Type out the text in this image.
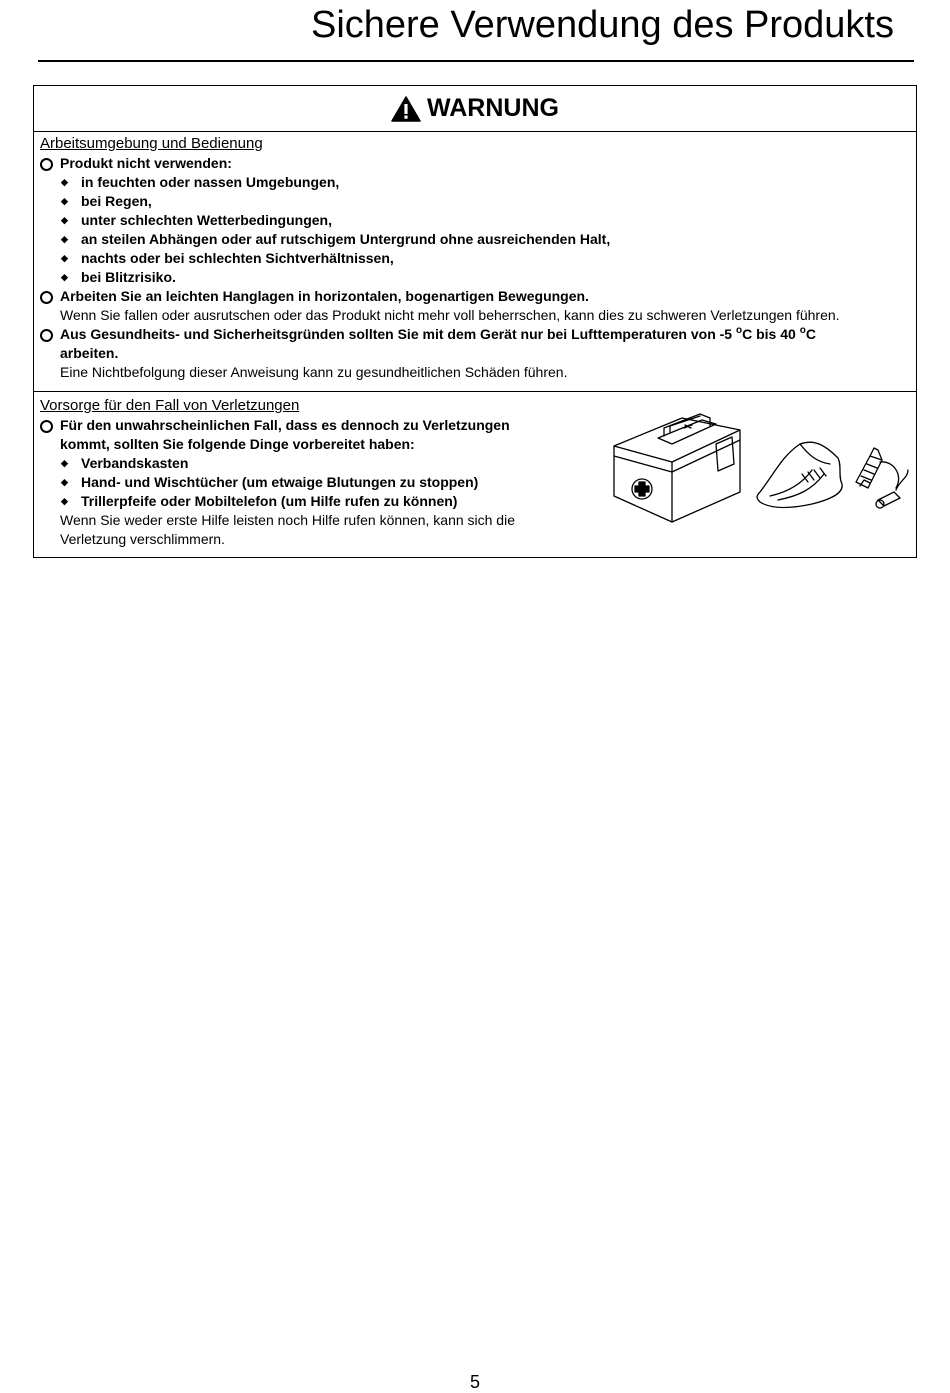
Sichere Verwendung des Produkts
WARNUNG
Arbeitsumgebung und Bedienung
Produkt nicht verwenden:
◆ in feuchten oder nassen Umgebungen,
◆ bei Regen,
◆ unter schlechten Wetterbedingungen,
◆ an steilen Abhängen oder auf rutschigem Untergrund ohne ausreichenden Halt,
◆ nachts oder bei schlechten Sichtverhältnissen,
◆ bei Blitzrisiko.
Arbeiten Sie an leichten Hanglagen in horizontalen, bogenartigen Bewegungen.
Wenn Sie fallen oder ausrutschen oder das Produkt nicht mehr voll beherrschen, kann dies zu schweren Verletzungen führen.
Aus Gesundheits- und Sicherheitsgründen sollten Sie mit dem Gerät nur bei Lufttemperaturen von -5 $^o$C bis 40 $^o$C
arbeiten.
Eine Nichtbefolgung dieser Anweisung kann zu gesundheitlichen Schäden führen.
Vorsorge für den Fall von Verletzungen
Für den unwahrscheinlichen Fall, dass es dennoch zu Verletzungen
kommt, sollten Sie folgende Dinge vorbereitet haben:
◆ Verbandskasten
◆ Hand- und Wischtücher (um etwaige Blutungen zu stoppen)
◆ Trillerpfeife oder Mobiltelefon (um Hilfe rufen zu können)
Wenn Sie weder erste Hilfe leisten noch Hilfe rufen können, kann sich die
Verletzung verschlimmern.
5
